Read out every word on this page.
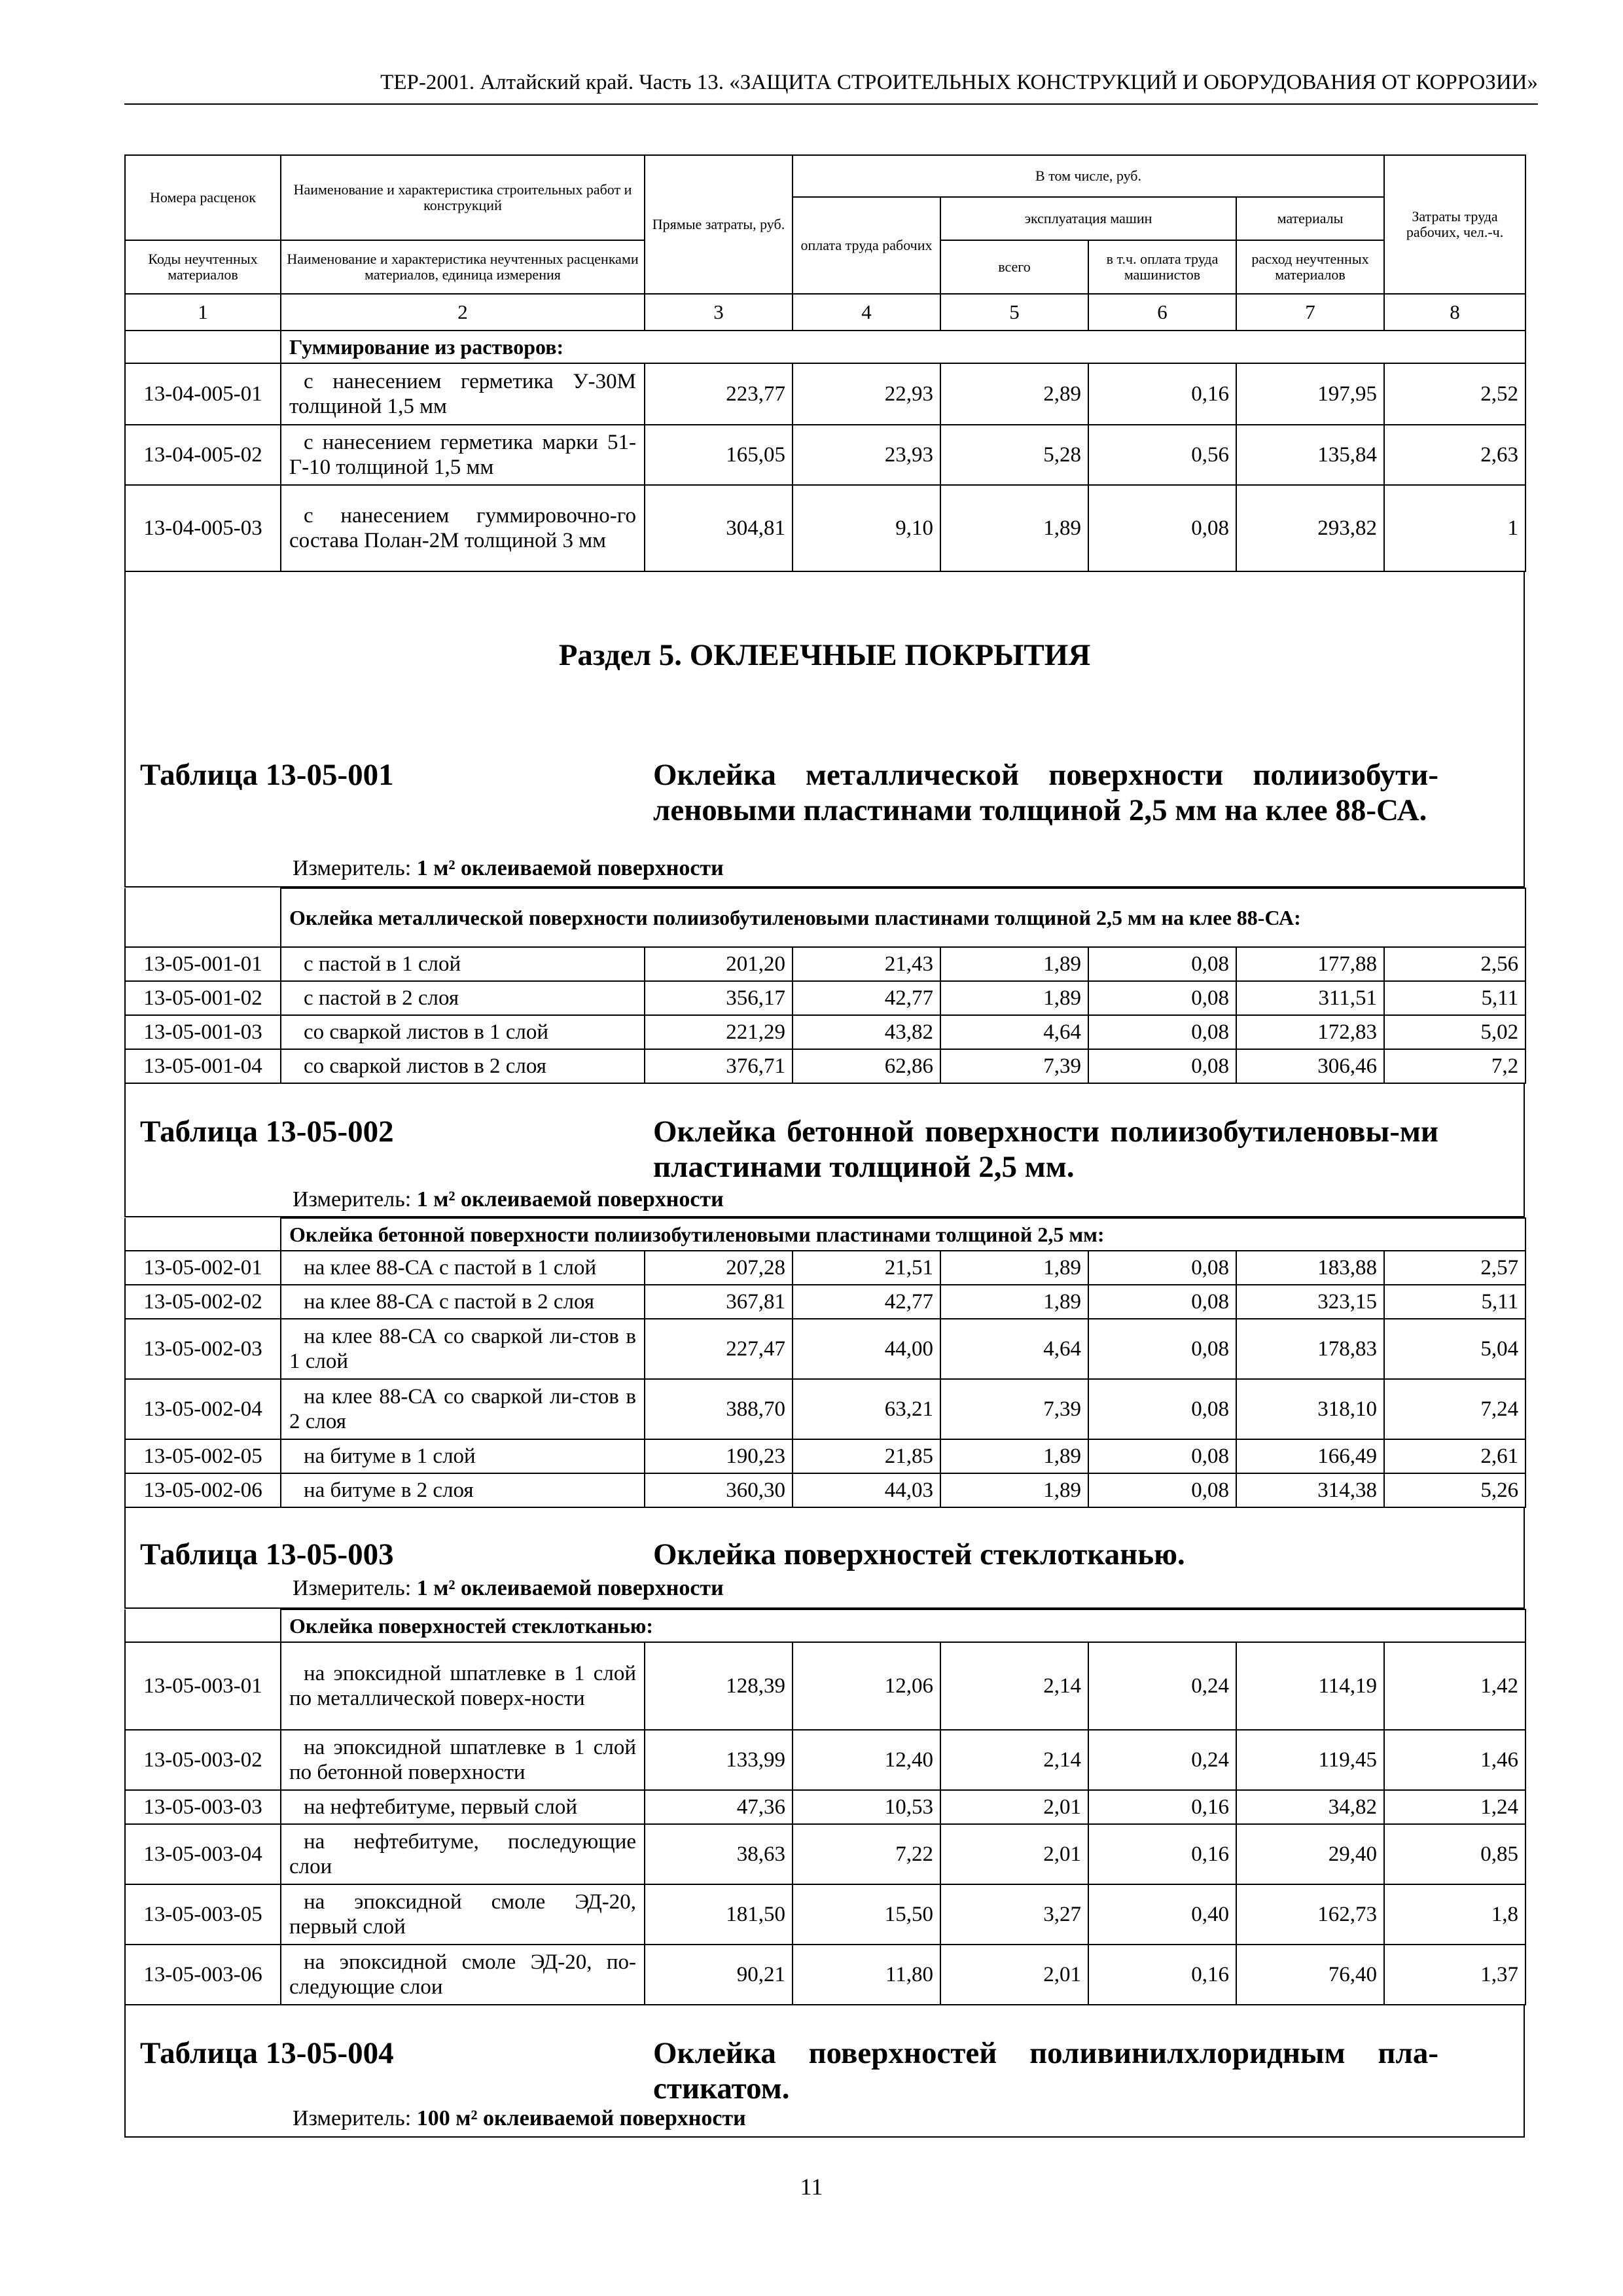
ТЕР-2001. Алтайский край. Часть 13. «ЗАЩИТА СТРОИТЕЛЬНЫХ КОНСТРУКЦИЙ И ОБОРУДОВАНИЯ ОТ КОРРОЗИИ»
Номера расценок	Наименование и характеристика строительных работ и конструкций	Прямые затраты, руб.	В том числе, руб.				Затраты труда рабочих, чел.-ч.
			оплата труда рабочих	эксплуатация машин		материалы	
Коды неучтенных материалов	Наименование и характеристика неучтенных расценками материалов, единица измерения			всего	в т.ч. оплата труда машинистов	расход неучтенных материалов	
1	2	3	4	5	6	7	8
	Гуммирование из растворов:						
13-04-005-01	с нанесением герметика У-30М толщиной 1,5 мм	223,77	22,93	2,89	0,16	197,95	2,52
13-04-005-02	с нанесением герметика марки 51-Г-10 толщиной 1,5 мм	165,05	23,93	5,28	0,56	135,84	2,63
13-04-005-03	с нанесением гуммировочно-го состава Полан-2М толщиной 3 мм	304,81	9,10	1,89	0,08	293,82	1
Раздел 5. ОКЛЕЕЧНЫЕ ПОКРЫТИЯ
Таблица 13-05-001	Оклейка металлической поверхности полиизобути-леновыми пластинами толщиной 2,5 мм на клее 88-СА.
Измеритель: 1 м² оклеиваемой поверхности
	Оклейка металлической поверхности полиизобутиленовыми пластинами толщиной 2,5 мм на клее 88-СА:						
13-05-001-01	с пастой в 1 слой	201,20	21,43	1,89	0,08	177,88	2,56
13-05-001-02	с пастой в 2 слоя	356,17	42,77	1,89	0,08	311,51	5,11
13-05-001-03	со сваркой листов в 1 слой	221,29	43,82	4,64	0,08	172,83	5,02
13-05-001-04	со сваркой листов в 2 слоя	376,71	62,86	7,39	0,08	306,46	7,2
Таблица 13-05-002	Оклейка бетонной поверхности полиизобутиленовы-ми пластинами толщиной 2,5 мм.
Измеритель: 1 м² оклеиваемой поверхности
	Оклейка бетонной поверхности полиизобутиленовыми пластинами толщиной 2,5 мм:						
13-05-002-01	на клее 88-СА с пастой в 1 слой	207,28	21,51	1,89	0,08	183,88	2,57
13-05-002-02	на клее 88-СА с пастой в 2 слоя	367,81	42,77	1,89	0,08	323,15	5,11
13-05-002-03	на клее 88-СА со сваркой ли-стов в 1 слой	227,47	44,00	4,64	0,08	178,83	5,04
13-05-002-04	на клее 88-СА со сваркой ли-стов в 2 слоя	388,70	63,21	7,39	0,08	318,10	7,24
13-05-002-05	на битуме в 1 слой	190,23	21,85	1,89	0,08	166,49	2,61
13-05-002-06	на битуме в 2 слоя	360,30	44,03	1,89	0,08	314,38	5,26
Таблица 13-05-003	Оклейка поверхностей стеклотканью.
Измеритель: 1 м² оклеиваемой поверхности
	Оклейка поверхностей стеклотканью:						
13-05-003-01	на эпоксидной шпатлевке в 1 слой по металлической поверх-ности	128,39	12,06	2,14	0,24	114,19	1,42
13-05-003-02	на эпоксидной шпатлевке в 1 слой по бетонной поверхности	133,99	12,40	2,14	0,24	119,45	1,46
13-05-003-03	на нефтебитуме, первый слой	47,36	10,53	2,01	0,16	34,82	1,24
13-05-003-04	на нефтебитуме, последующие слои	38,63	7,22	2,01	0,16	29,40	0,85
13-05-003-05	на эпоксидной смоле ЭД-20, первый слой	181,50	15,50	3,27	0,40	162,73	1,8
13-05-003-06	на эпоксидной смоле ЭД-20, по-следующие слои	90,21	11,80	2,01	0,16	76,40	1,37
Таблица 13-05-004	Оклейка поверхностей поливинилхлоридным пла-стикатом.
Измеритель: 100 м² оклеиваемой поверхности
11
